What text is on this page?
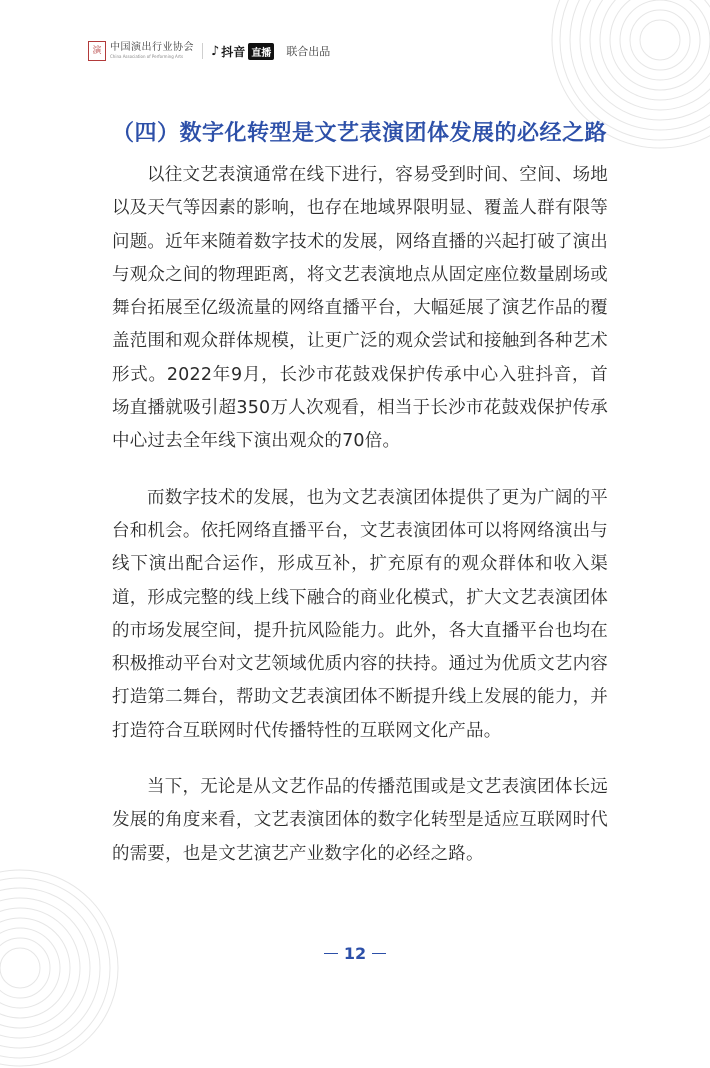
演 中国演出行业协会
China Association of Performing Arts	♪ 抖音 直播 联合出品
（四）数字化转型是文艺表演团体发展的必经之路

以往文艺表演通常在线下进行，容易受到时间、空间、场地以及天气等因素的影响，也存在地域界限明显、覆盖人群有限等问题。近年来随着数字技术的发展，网络直播的兴起打破了演出与观众之间的物理距离，将文艺表演地点从固定座位数量剧场或舞台拓展至亿级流量的网络直播平台，大幅延展了演艺作品的覆盖范围和观众群体规模，让更广泛的观众尝试和接触到各种艺术形式。2022年9月，长沙市花鼓戏保护传承中心入驻抖音，首场直播就吸引超350万人次观看，相当于长沙市花鼓戏保护传承中心过去全年线下演出观众的70倍。

而数字技术的发展，也为文艺表演团体提供了更为广阔的平台和机会。依托网络直播平台，文艺表演团体可以将网络演出与线下演出配合运作，形成互补，扩充原有的观众群体和收入渠道，形成完整的线上线下融合的商业化模式，扩大文艺表演团体的市场发展空间，提升抗风险能力。此外，各大直播平台也均在积极推动平台对文艺领域优质内容的扶持。通过为优质文艺内容打造第二舞台，帮助文艺表演团体不断提升线上发展的能力，并打造符合互联网时代传播特性的互联网文化产品。

当下，无论是从文艺作品的传播范围或是文艺表演团体长远发展的角度来看，文艺表演团体的数字化转型是适应互联网时代的需要，也是文艺演艺产业数字化的必经之路。

12
